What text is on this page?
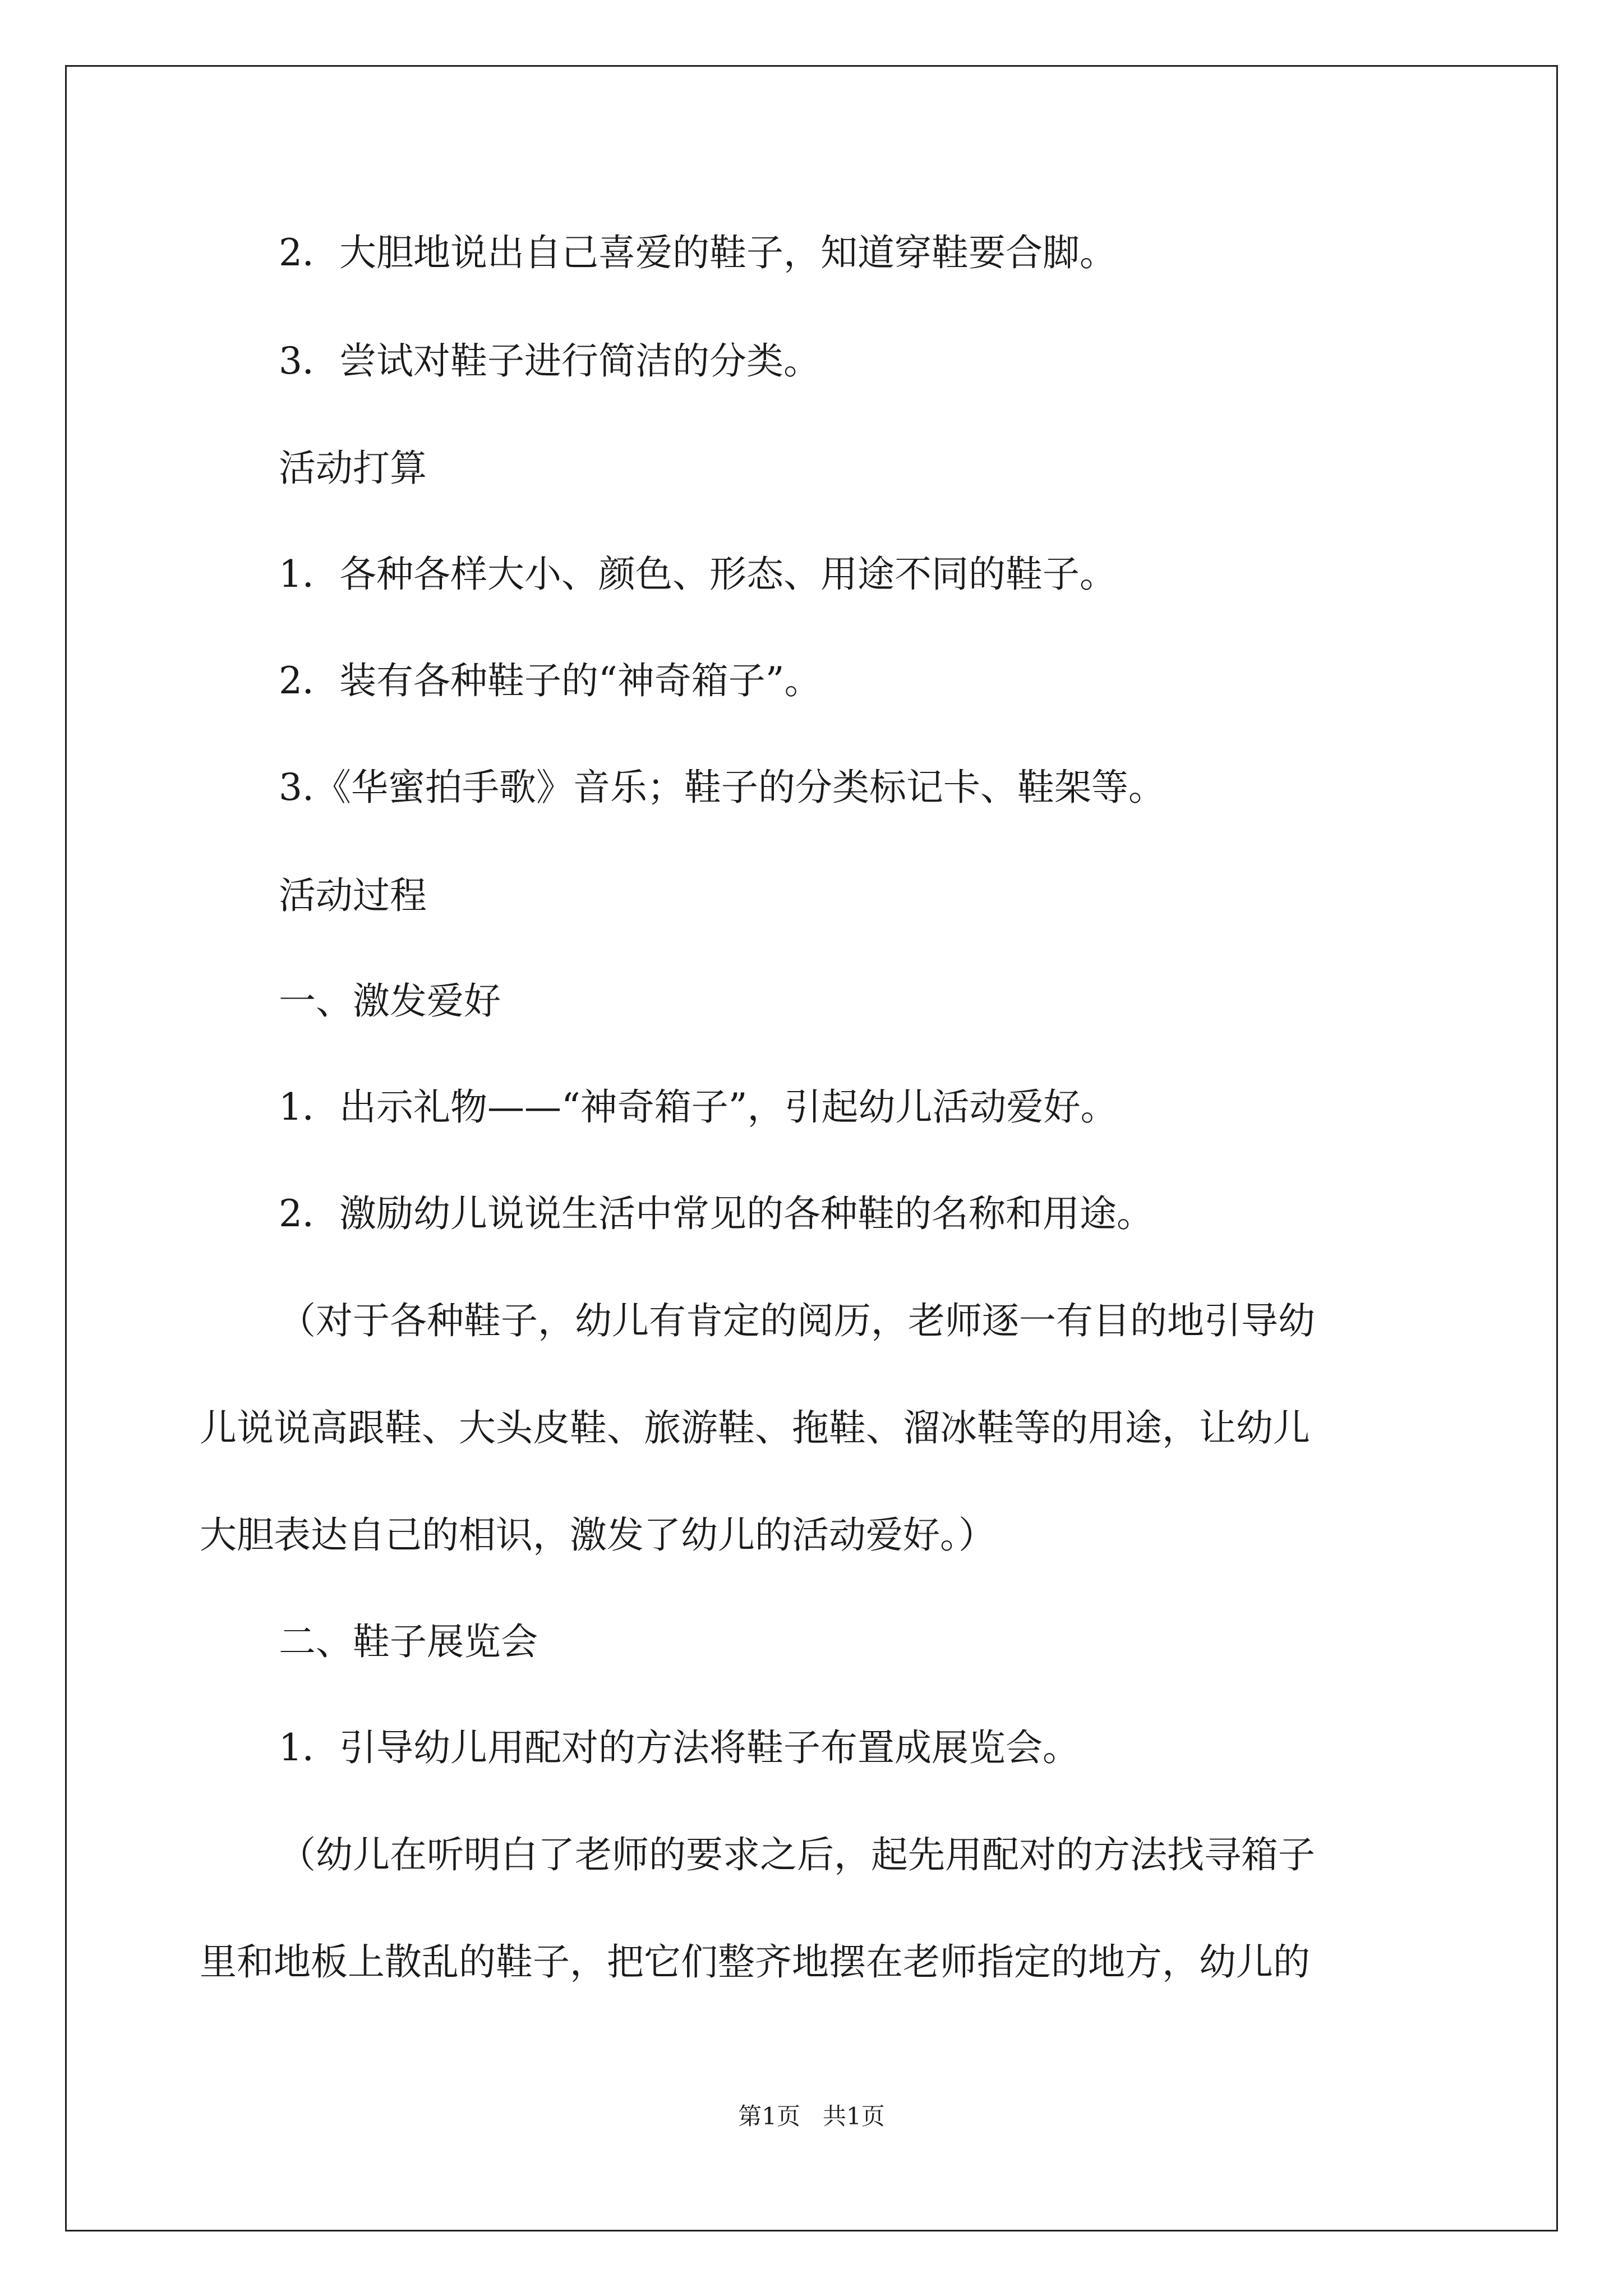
2．大胆地说出自己喜爱的鞋子，知道穿鞋要合脚。
3．尝试对鞋子进行简洁的分类。
活动打算
1．各种各样大小、颜色、形态、用途不同的鞋子。
2．装有各种鞋子的“神奇箱子”。
3.《华蜜拍手歌》音乐；鞋子的分类标记卡、鞋架等。
活动过程
一、激发爱好
1．出示礼物——“神奇箱子”，引起幼儿活动爱好。
2．激励幼儿说说生活中常见的各种鞋的名称和用途。
（对于各种鞋子，幼儿有肯定的阅历，老师逐一有目的地引导幼
儿说说高跟鞋、大头皮鞋、旅游鞋、拖鞋、溜冰鞋等的用途，让幼儿
大胆表达自己的相识，激发了幼儿的活动爱好。）
二、鞋子展览会
1．引导幼儿用配对的方法将鞋子布置成展览会。
（幼儿在听明白了老师的要求之后，起先用配对的方法找寻箱子
里和地板上散乱的鞋子，把它们整齐地摆在老师指定的地方，幼儿的
第1页   共1页
